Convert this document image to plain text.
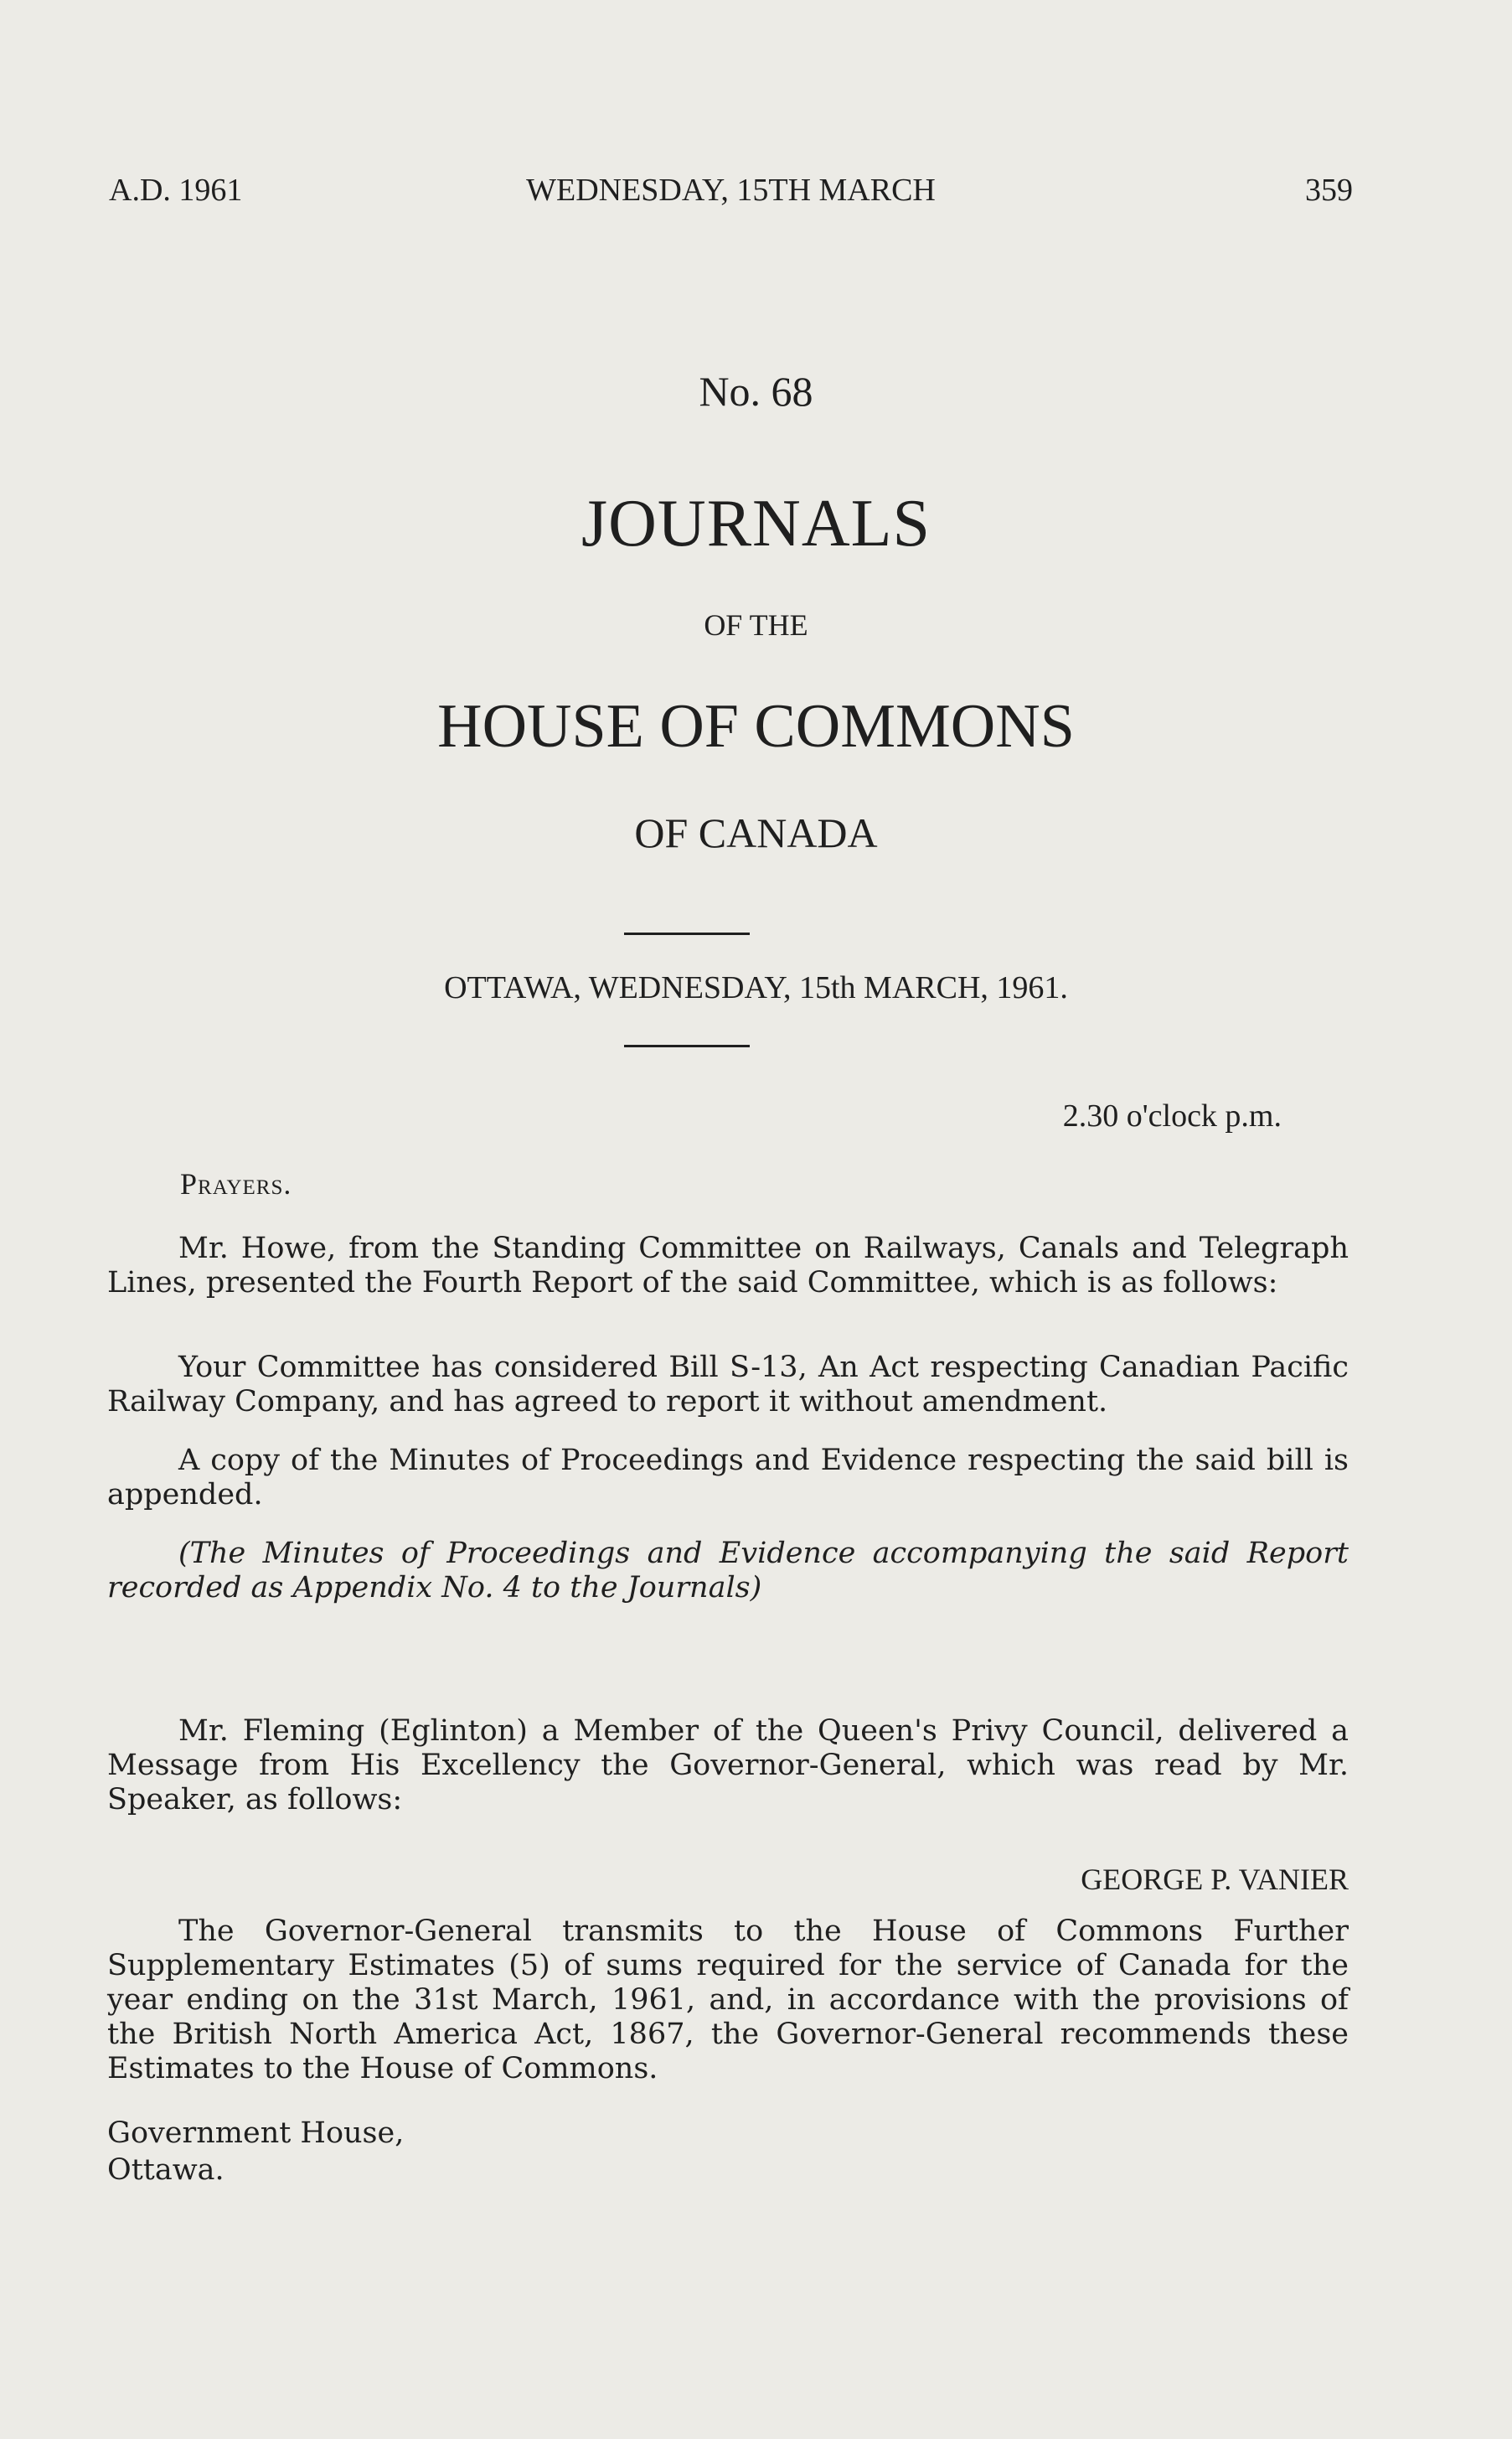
A.D. 1961	WEDNESDAY, 15TH MARCH	359
No. 68
JOURNALS
OF THE
HOUSE OF COMMONS
OF CANADA
OTTAWA, WEDNESDAY, 15th MARCH, 1961.
2.30 o'clock p.m.
Prayers.

Mr. Howe, from the Standing Committee on Railways, Canals and Telegraph Lines, presented the Fourth Report of the said Committee, which is as follows:

Your Committee has considered Bill S-13, An Act respecting Canadian Pacific Railway Company, and has agreed to report it without amendment.

A copy of the Minutes of Proceedings and Evidence respecting the said bill is appended.

(The Minutes of Proceedings and Evidence accompanying the said Report recorded as Appendix No. 4 to the Journals)

Mr. Fleming (Eglinton) a Member of the Queen's Privy Council, delivered a Message from His Excellency the Governor-General, which was read by Mr. Speaker, as follows:

GEORGE P. VANIER

The Governor-General transmits to the House of Commons Further Supplementary Estimates (5) of sums required for the service of Canada for the year ending on the 31st March, 1961, and, in accordance with the provisions of the British North America Act, 1867, the Governor-General recommends these Estimates to the House of Commons.

Government House,
Ottawa.
